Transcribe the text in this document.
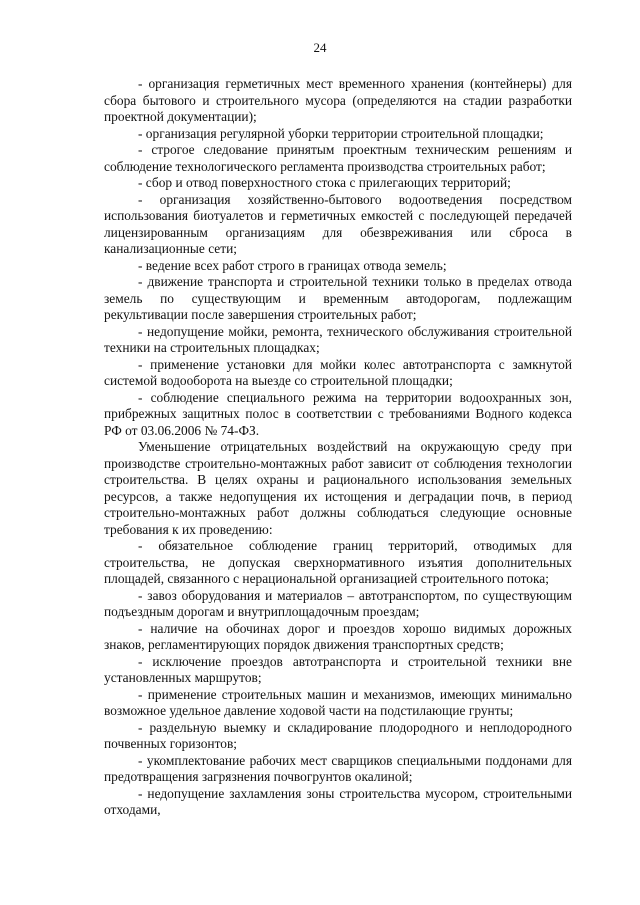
24

- организация герметичных мест временного хранения (контейнеры) для сбора бытового и строительного мусора (определяются на стадии разработки проектной документации);

- организация регулярной уборки территории строительной площадки;

- строгое следование принятым проектным техническим решениям и соблюдение технологического регламента производства строительных работ;

- сбор и отвод поверхностного стока с прилегающих территорий;

- организация хозяйственно-бытового водоотведения посредством использования биотуалетов и герметичных емкостей с последующей передачей лицензированным организациям для обезвреживания или сброса в канализационные сети;

- ведение всех работ строго в границах отвода земель;

- движение транспорта и строительной техники только в пределах отвода земель по существующим и временным автодорогам, подлежащим рекультивации после завершения строительных работ;

- недопущение мойки, ремонта, технического обслуживания строительной техники на строительных площадках;

- применение установки для мойки колес автотранспорта с замкнутой системой водооборота на выезде со строительной площадки;

- соблюдение специального режима на территории водоохранных зон, прибрежных защитных полос в соответствии с требованиями Водного кодекса РФ от 03.06.2006 № 74-ФЗ.

Уменьшение отрицательных воздействий на окружающую среду при производстве строительно-монтажных работ зависит от соблюдения технологии строительства. В целях охраны и рационального использования земельных ресурсов, а также недопущения их истощения и деградации почв, в период строительно-монтажных работ должны соблюдаться следующие основные требования к их проведению:

- обязательное соблюдение границ территорий, отводимых для строительства, не допуская сверхнормативного изъятия дополнительных площадей, связанного с нерациональной организацией строительного потока;

- завоз оборудования и материалов – автотранспортом, по существующим подъездным дорогам и внутриплощадочным проездам;

- наличие на обочинах дорог и проездов хорошо видимых дорожных знаков, регламентирующих порядок движения транспортных средств;

- исключение проездов автотранспорта и строительной техники вне установленных маршрутов;

- применение строительных машин и механизмов, имеющих минимально возможное удельное давление ходовой части на подстилающие грунты;

- раздельную выемку и складирование плодородного и неплодородного почвенных горизонтов;

- укомплектование рабочих мест сварщиков специальными поддонами для предотвращения загрязнения почвогрунтов окалиной;

- недопущение захламления зоны строительства мусором, строительными отходами,
